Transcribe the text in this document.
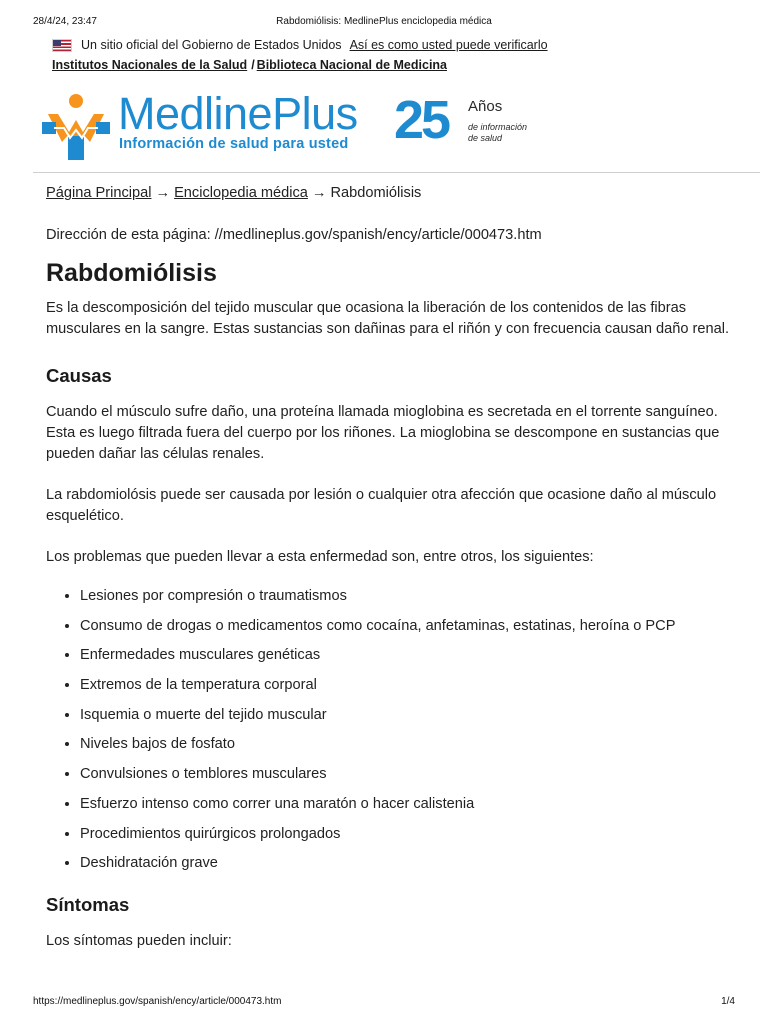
28/4/24, 23:47	Rabdomiólisis: MedlinePlus enciclopedia médica
Un sitio oficial del Gobierno de Estados Unidos Así es como usted puede verificarlo
Institutos Nacionales de la Salud / Biblioteca Nacional de Medicina
MedlinePlus
Información de salud para usted 25 Años
de información
de salud
Página Principal → Enciclopedia médica → Rabdomiólisis

Dirección de esta página: //medlineplus.gov/spanish/ency/article/000473.htm

Rabdomiólisis

Es la descomposición del tejido muscular que ocasiona la liberación de los contenidos de las fibras musculares en la sangre. Estas sustancias son dañinas para el riñón y con frecuencia causan daño renal.

Causas

Cuando el músculo sufre daño, una proteína llamada mioglobina es secretada en el torrente sanguíneo. Esta es luego filtrada fuera del cuerpo por los riñones. La mioglobina se descompone en sustancias que pueden dañar las células renales.

La rabdomiolósis puede ser causada por lesión o cualquier otra afección que ocasione daño al músculo esquelético.

Los problemas que pueden llevar a esta enfermedad son, entre otros, los siguientes:

• Lesiones por compresión o traumatismos
• Consumo de drogas o medicamentos como cocaína, anfetaminas, estatinas, heroína o PCP
• Enfermedades musculares genéticas
• Extremos de la temperatura corporal
• Isquemia o muerte del tejido muscular
• Niveles bajos de fosfato
• Convulsiones o temblores musculares
• Esfuerzo intenso como correr una maratón o hacer calistenia
• Procedimientos quirúrgicos prolongados
• Deshidratación grave
Síntomas

Los síntomas pueden incluir:

https://medlineplus.gov/spanish/ency/article/000473.htm	1/4
